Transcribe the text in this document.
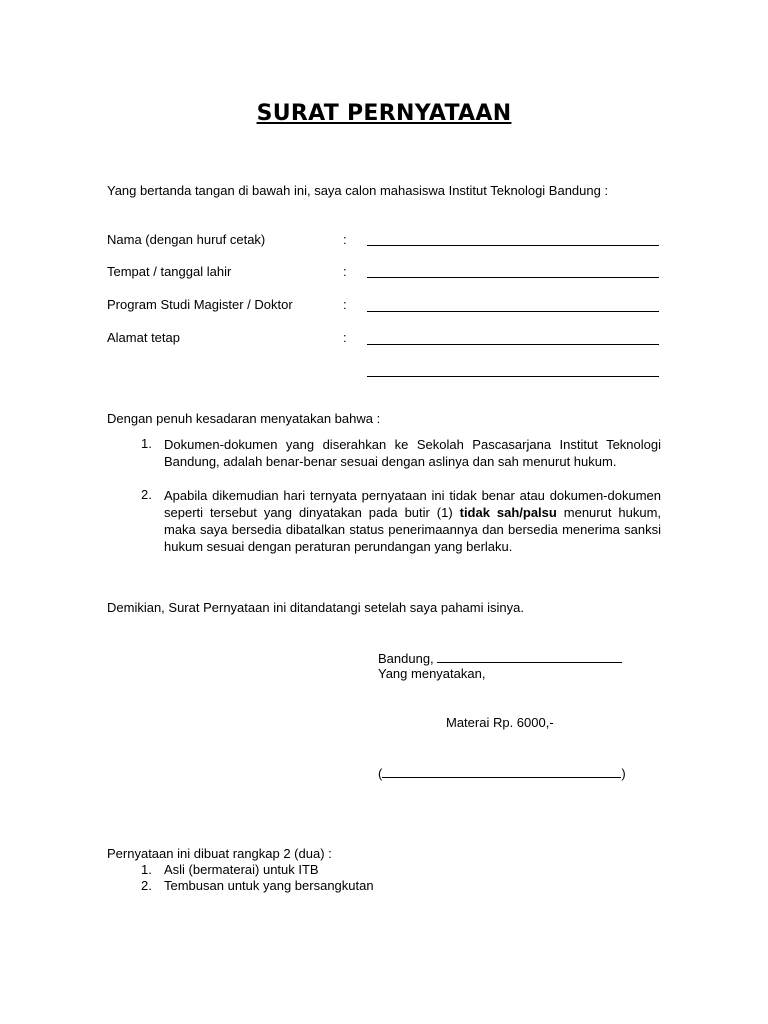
SURAT PERNYATAAN
Yang bertanda tangan di bawah ini, saya calon mahasiswa Institut Teknologi Bandung :
Nama (dengan huruf cetak)	:
Tempat / tanggal lahir	:
Program Studi Magister / Doktor	:
Alamat tetap	:
Dengan penuh kesadaran menyatakan bahwa :
1. Dokumen-dokumen yang diserahkan ke Sekolah Pascasarjana Institut Teknologi Bandung, adalah benar-benar sesuai dengan aslinya dan sah menurut hukum.
2. Apabila dikemudian hari ternyata pernyataan ini tidak benar atau dokumen-dokumen seperti tersebut yang dinyatakan pada butir (1) tidak sah/palsu menurut hukum, maka saya bersedia dibatalkan status penerimaannya dan bersedia menerima sanksi hukum sesuai dengan peraturan perundangan yang berlaku.
Demikian, Surat Pernyataan ini ditandatangi setelah saya pahami isinya.
Bandung,
Yang menyatakan,
Materai Rp. 6000,-
(	)
Pernyataan ini dibuat rangkap 2 (dua) :
1. Asli (bermaterai) untuk ITB
2. Tembusan untuk yang bersangkutan
